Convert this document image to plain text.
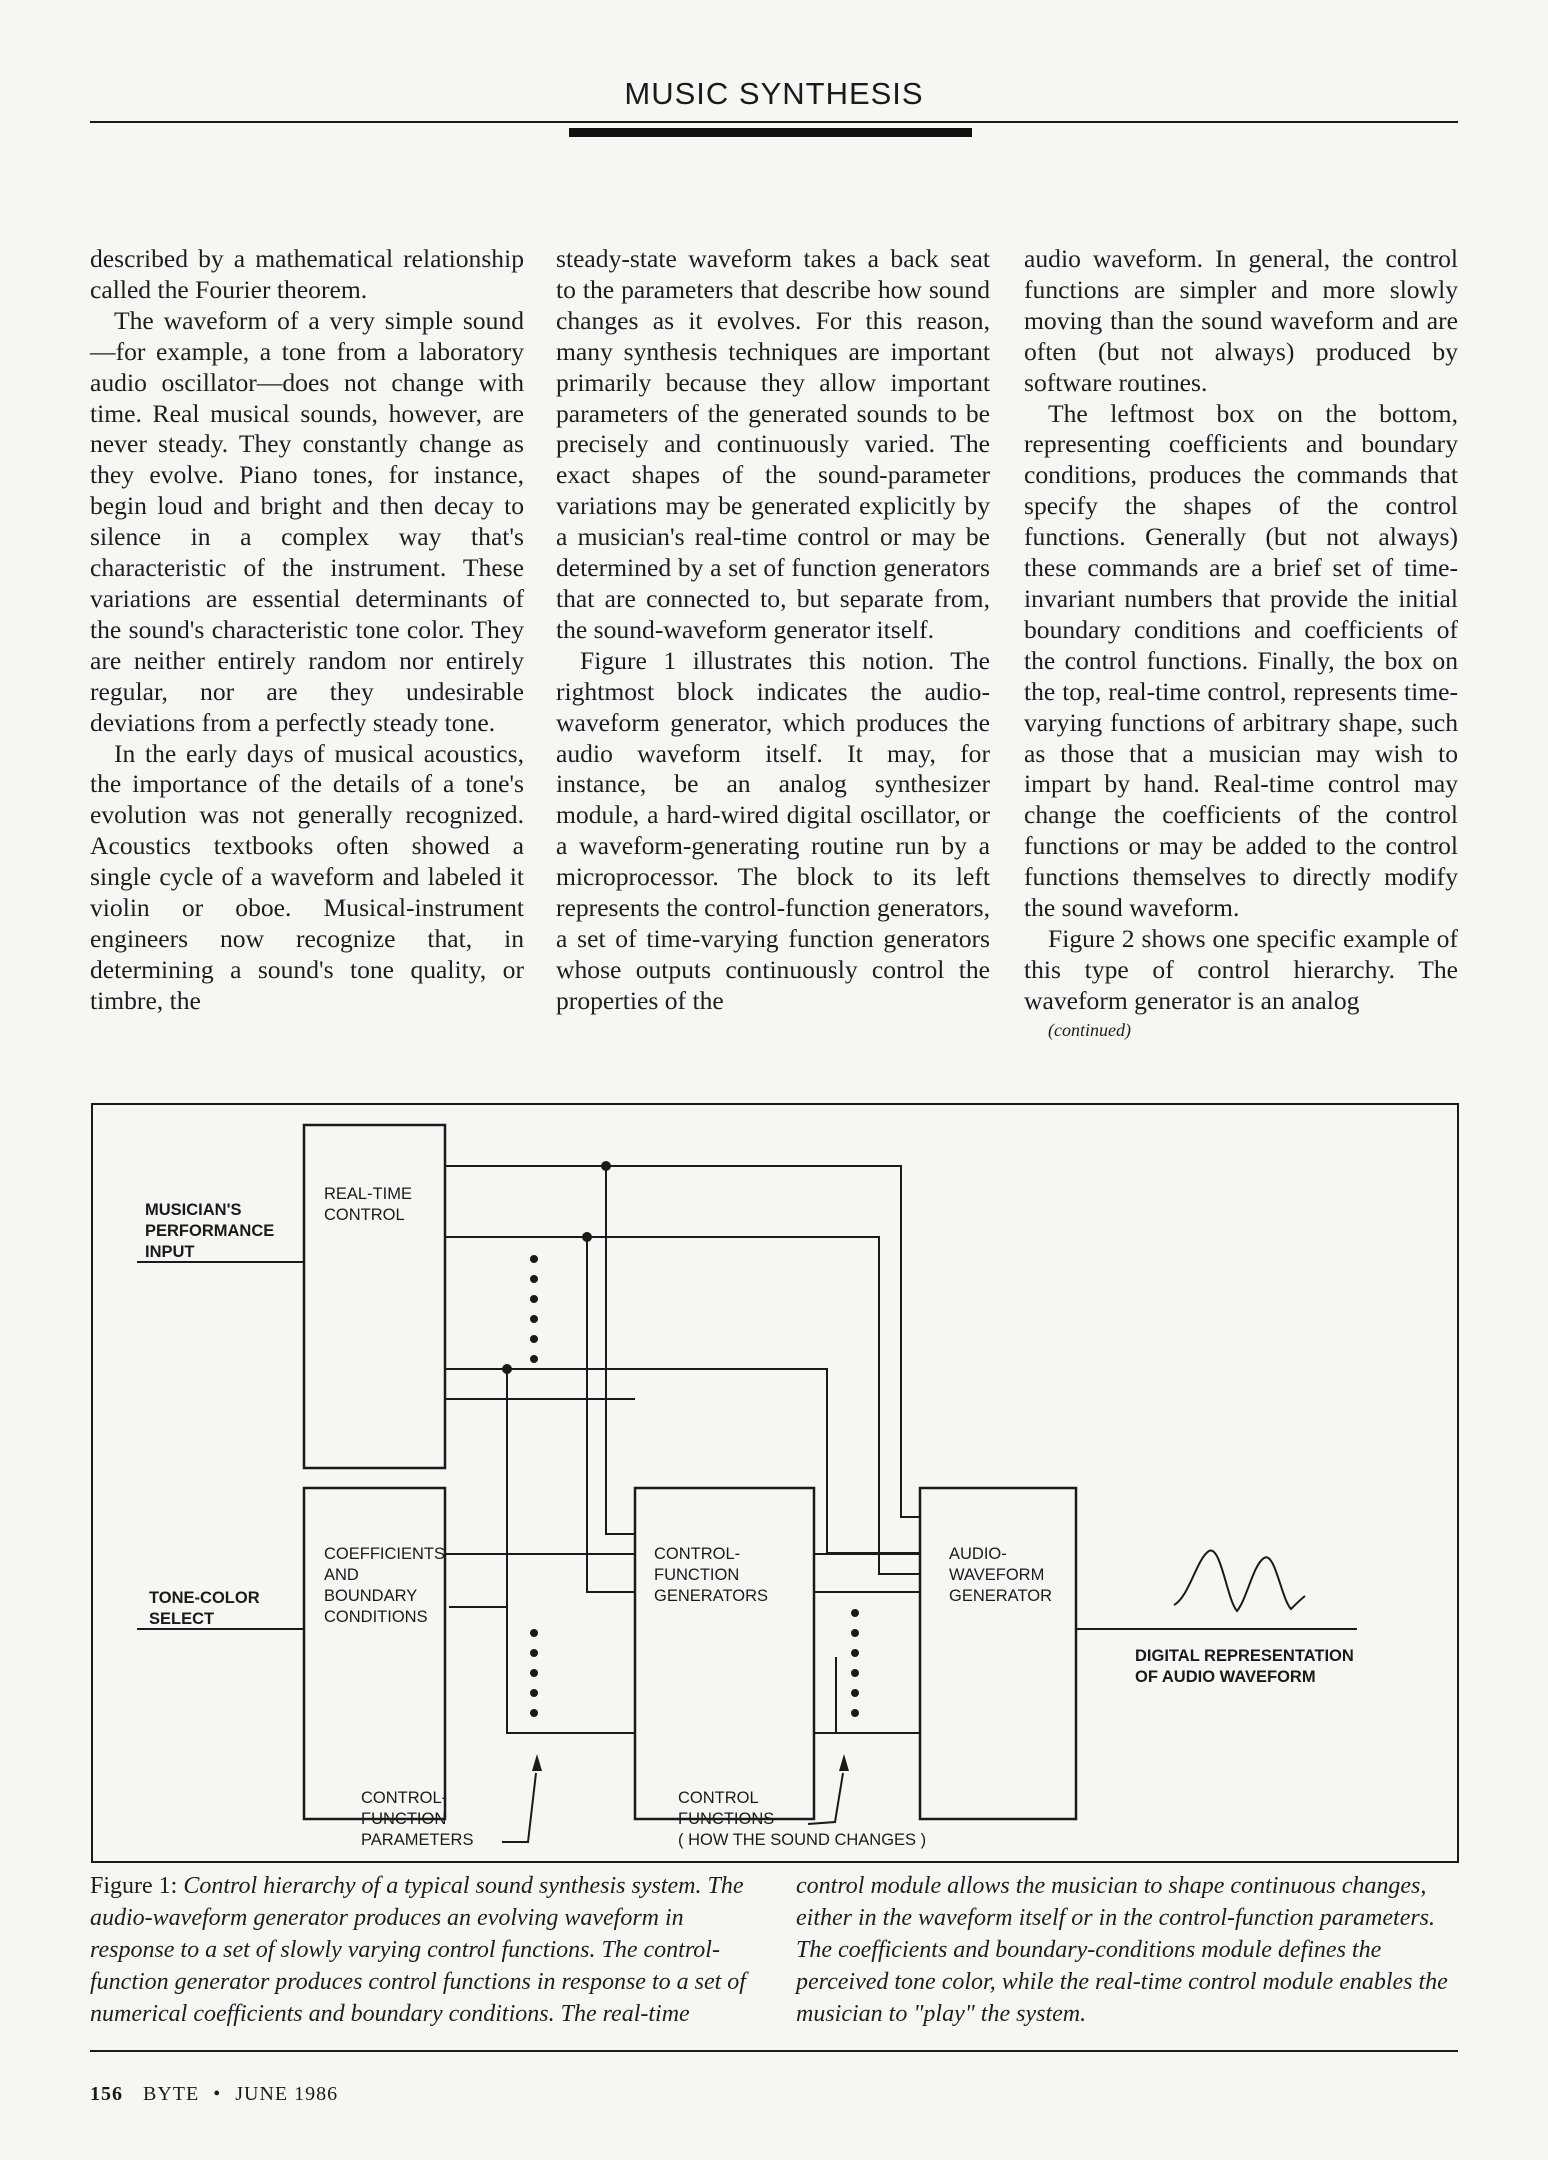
MUSIC SYNTHESIS

described by a mathematical relationship called the Fourier theorem.

The waveform of a very simple sound—for example, a tone from a laboratory audio oscillator—does not change with time. Real musical sounds, however, are never steady. They constantly change as they evolve. Piano tones, for instance, begin loud and bright and then decay to silence in a complex way that's characteristic of the instrument. These variations are essential determinants of the sound's characteristic tone color. They are neither entirely random nor entirely regular, nor are they undesirable deviations from a perfectly steady tone.

In the early days of musical acoustics, the importance of the details of a tone's evolution was not generally recognized. Acoustics textbooks often showed a single cycle of a waveform and labeled it violin or oboe. Musical-instrument engineers now recognize that, in determining a sound's tone quality, or timbre, the

steady-state waveform takes a back seat to the parameters that describe how sound changes as it evolves. For this reason, many synthesis techniques are important primarily because they allow important parameters of the generated sounds to be precisely and continuously varied. The exact shapes of the sound-parameter variations may be generated explicitly by a musician's real-time control or may be determined by a set of function generators that are connected to, but separate from, the sound-waveform generator itself.

Figure 1 illustrates this notion. The rightmost block indicates the audio-waveform generator, which produces the audio waveform itself. It may, for instance, be an analog synthesizer module, a hard-wired digital oscillator, or a waveform-generating routine run by a microprocessor. The block to its left represents the control-function generators, a set of time-varying function generators whose outputs continuously control the properties of the

audio waveform. In general, the control functions are simpler and more slowly moving than the sound waveform and are often (but not always) produced by software routines.

The leftmost box on the bottom, representing coefficients and boundary conditions, produces the commands that specify the shapes of the control functions. Generally (but not always) these commands are a brief set of time-invariant numbers that provide the initial boundary conditions and coefficients of the control functions. Finally, the box on the top, real-time control, represents time-varying functions of arbitrary shape, such as those that a musician may wish to impart by hand. Real-time control may change the coefficients of the control functions or may be added to the control functions themselves to directly modify the sound waveform.

Figure 2 shows one specific example of this type of control hierarchy. The waveform generator is an analog

(continued)

REAL-TIME CONTROL
COEFFICIENTS AND BOUNDARY CONDITIONS
CONTROL- FUNCTION GENERATORS
AUDIO- WAVEFORM GENERATOR
MUSICIAN'S PERFORMANCE INPUT
TONE-COLOR SELECT
DIGITAL REPRESENTATION OF AUDIO WAVEFORM
CONTROL- FUNCTION PARAMETERS
CONTROL FUNCTIONS ( HOW THE SOUND CHANGES )
Figure 1: Control hierarchy of a typical sound synthesis system. The audio-waveform generator produces an evolving waveform in response to a set of slowly varying control functions. The control-function generator produces control functions in response to a set of numerical coefficients and boundary conditions. The real-time
control module allows the musician to shape continuous changes, either in the waveform itself or in the control-function parameters. The coefficients and boundary-conditions module defines the perceived tone color, while the real-time control module enables the musician to "play" the system.
156 BYTE • JUNE 1986
